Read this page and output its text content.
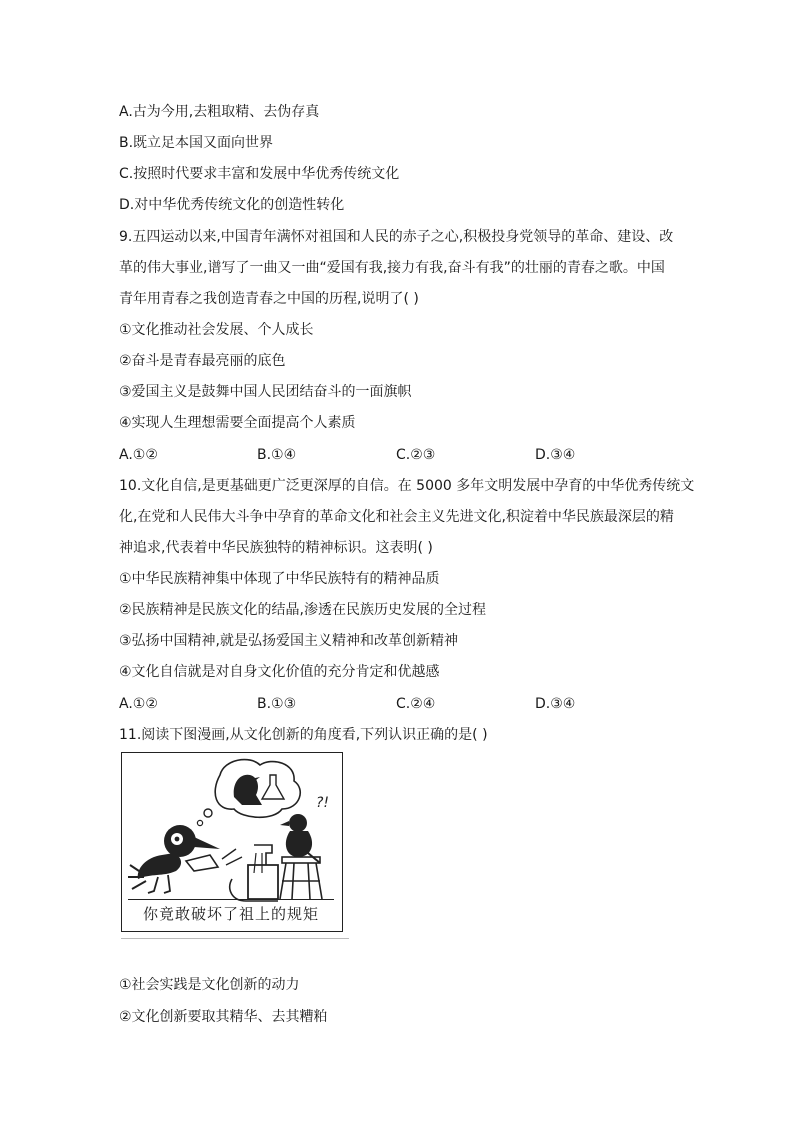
A.古为今用,去粗取精、去伪存真
B.既立足本国又面向世界
C.按照时代要求丰富和发展中华优秀传统文化
D.对中华优秀传统文化的创造性转化
9.五四运动以来,中国青年满怀对祖国和人民的赤子之心,积极投身党领导的革命、建设、改
革的伟大事业,谱写了一曲又一曲“爱国有我,接力有我,奋斗有我”的壮丽的青春之歌。中国
青年用青春之我创造青春之中国的历程,说明了( )
①文化推动社会发展、个人成长
②奋斗是青春最亮丽的底色
③爱国主义是鼓舞中国人民团结奋斗的一面旗帜
④实现人生理想需要全面提高个人素质
A.①②	B.①④	C.②③	D.③④
10.文化自信,是更基础更广泛更深厚的自信。在 5000 多年文明发展中孕育的中华优秀传统文
化,在党和人民伟大斗争中孕育的革命文化和社会主义先进文化,积淀着中华民族最深层的精
神追求,代表着中华民族独特的精神标识。这表明( )
①中华民族精神集中体现了中华民族特有的精神品质
②民族精神是民族文化的结晶,渗透在民族历史发展的全过程
③弘扬中国精神,就是弘扬爱国主义精神和改革创新精神
④文化自信就是对自身文化价值的充分肯定和优越感
A.①②	B.①③	C.②④	D.③④
11.阅读下图漫画,从文化创新的角度看,下列认识正确的是( )
?!
你竟敢破坏了祖上的规矩
①社会实践是文化创新的动力
②文化创新要取其精华、去其糟粕
